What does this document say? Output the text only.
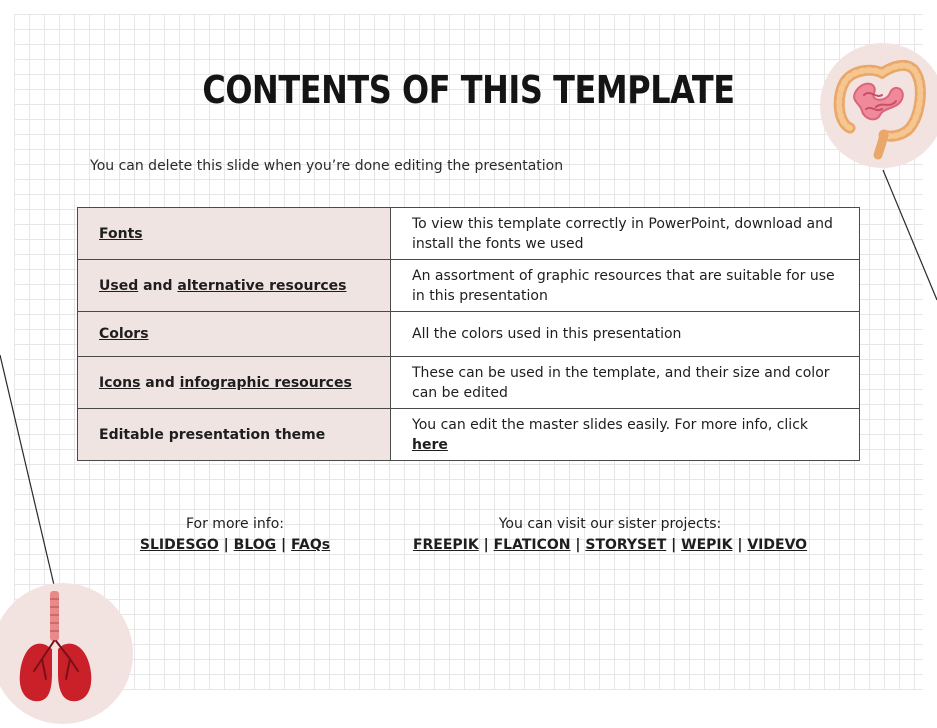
CONTENTS OF THIS TEMPLATE
You can delete this slide when you’re done editing the presentation
Fonts	To view this template correctly in PowerPoint, download and install the fonts we used
Used and alternative resources	An assortment of graphic resources that are suitable for use in this presentation
Colors	All the colors used in this presentation
Icons and infographic resources	These can be used in the template, and their size and color can be edited
Editable presentation theme	You can edit the master slides easily. For more info, click here
For more info:
SLIDESGO | BLOG | FAQs
You can visit our sister projects:
FREEPIK | FLATICON | STORYSET | WEPIK | VIDEVO
